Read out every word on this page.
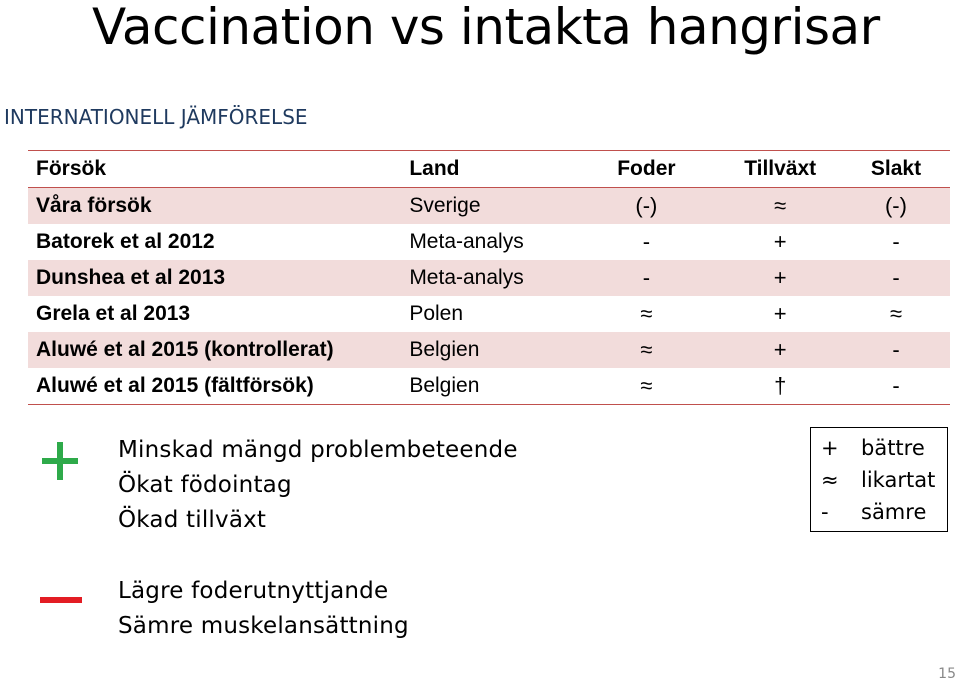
Vaccination vs intakta hangrisar
INTERNATIONELL JÄMFÖRELSE
Försök	Land	Foder	Tillväxt	Slakt
Våra försök	Sverige	(-)	≈	(-)
Batorek et al 2012	Meta-analys	-	+	-
Dunshea et al 2013	Meta-analys	-	+	-
Grela et al 2013	Polen	≈	+	≈
Aluwé et al 2015 (kontrollerat)	Belgien	≈	+	-
Aluwé et al 2015 (fältförsök)	Belgien	≈	†	-
Minskad mängd problembeteende
Ökat födointag
Ökad tillväxt
Lägre foderutnyttjande
Sämre muskelansättning
+ bättre
≈ likartat
- sämre
15
